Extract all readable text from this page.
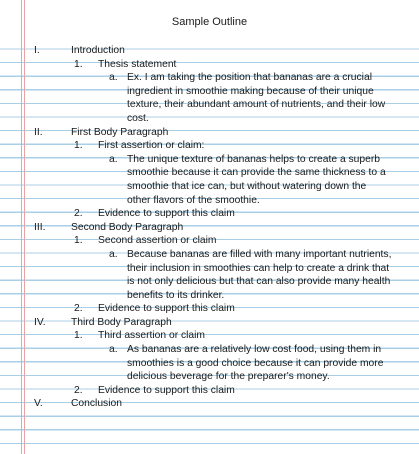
Sample Outline
I.	Introduction
1. Thesis statement
a. Ex. I am taking the position that bananas are a crucial
ingredient in smoothie making because of their unique
texture, their abundant amount of nutrients, and their low
cost.
II.	First Body Paragraph
1. First assertion or claim:
a. The unique texture of bananas helps to create a superb
smoothie because it can provide the same thickness to a
smoothie that ice can, but without watering down the
other flavors of the smoothie.
2. Evidence to support this claim
III. Second Body Paragraph
1. Second assertion or claim
a. Because bananas are filled with many important nutrients,
their inclusion in smoothies can help to create a drink that
is not only delicious but that can also provide many health
benefits to its drinker.
2. Evidence to support this claim
IV. Third Body Paragraph
1. Third assertion or claim
a. As bananas are a relatively low cost food, using them in
smoothies is a good choice because it can provide more
delicious beverage for the preparer's money.
2. Evidence to support this claim
V.	Conclusion
